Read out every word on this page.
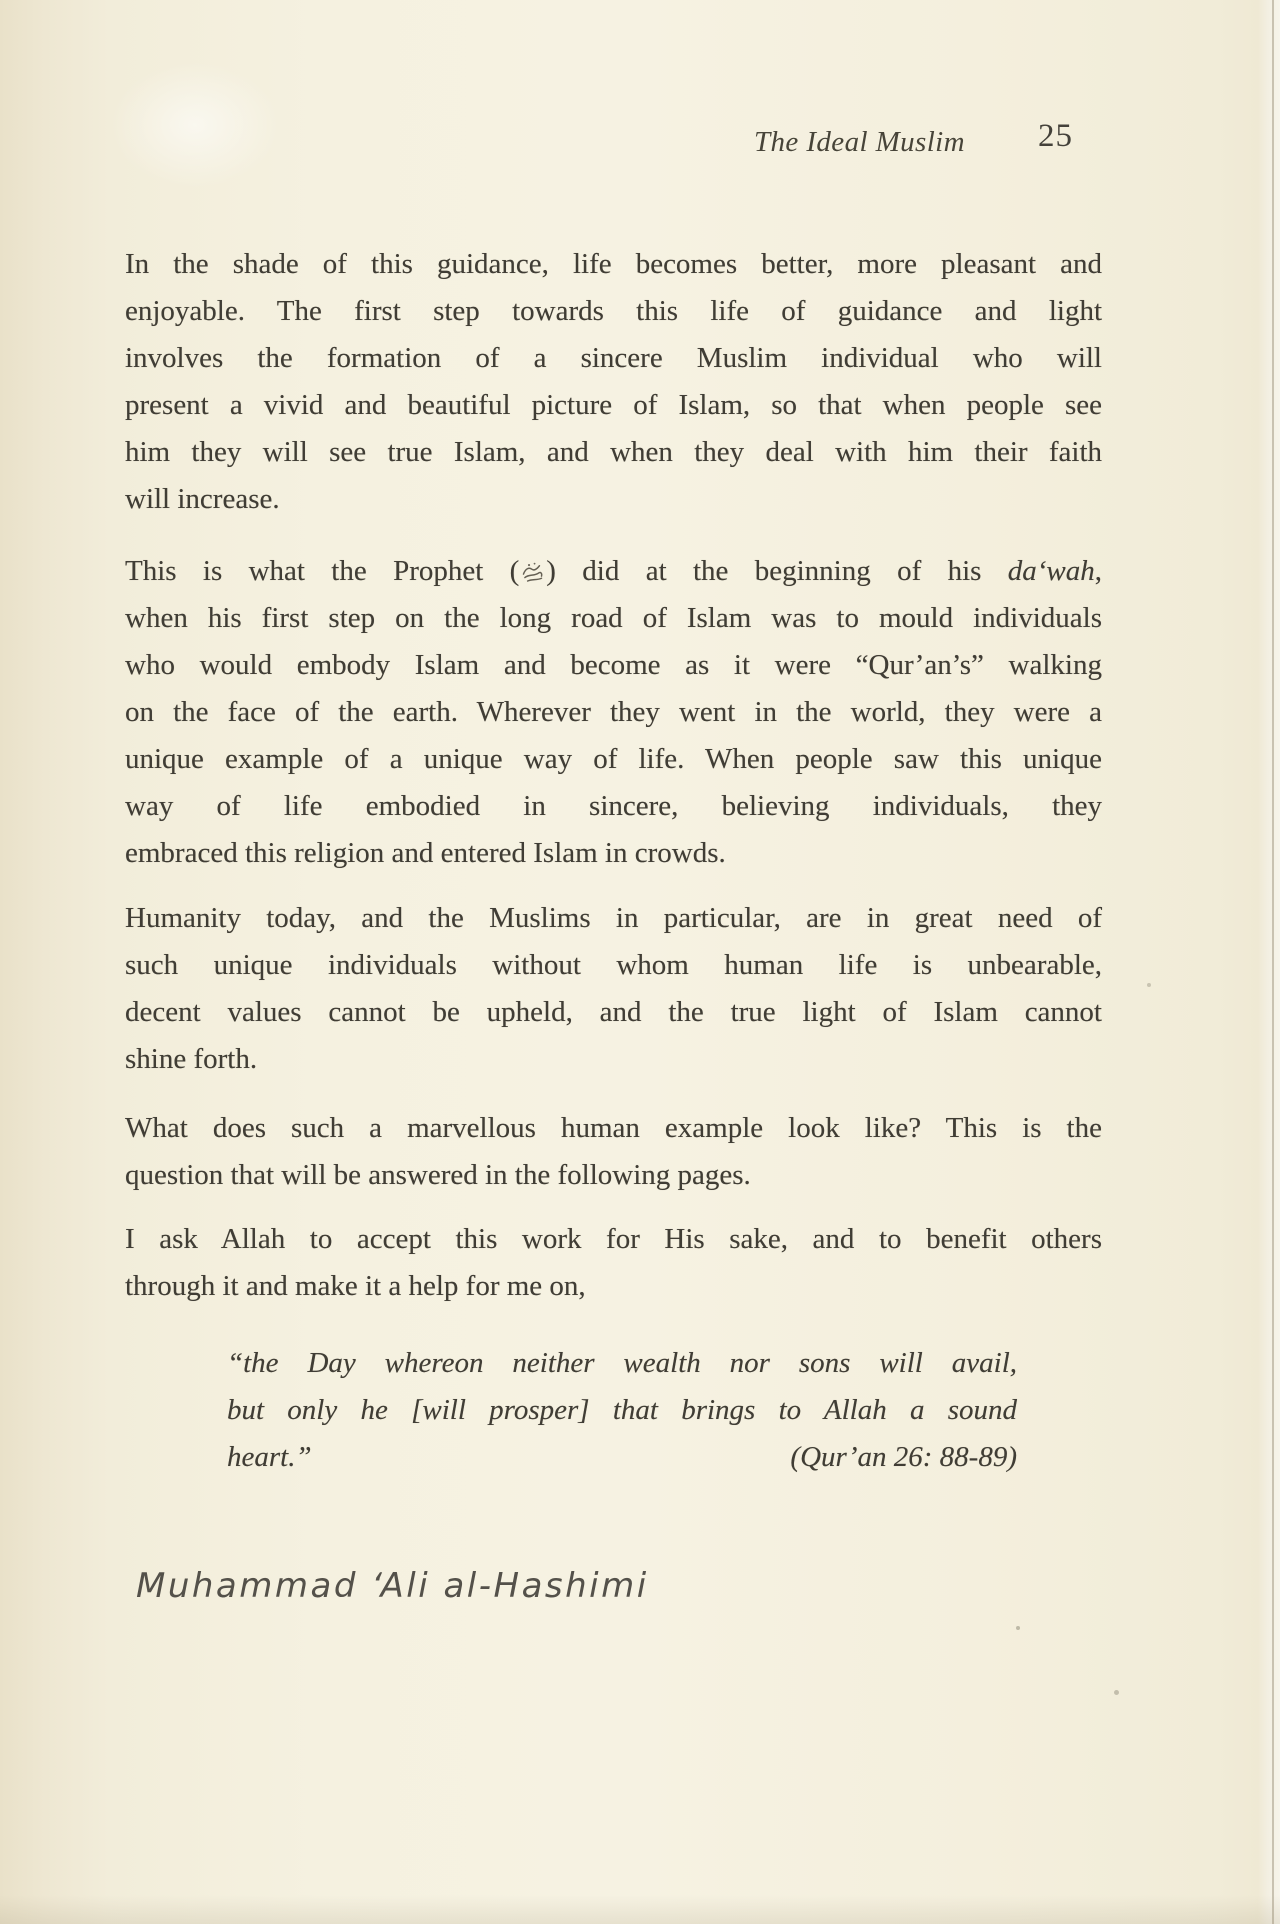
The Ideal Muslim 25
In the shade of this guidance, life becomes better, more pleasant and
enjoyable. The first step towards this life of guidance and light
involves the formation of a sincere Muslim individual who will
present a vivid and beautiful picture of Islam, so that when people see
him they will see true Islam, and when they deal with him their faith
will increase.
This is what the Prophet ( ) did at the beginning of his da‘wah,
when his first step on the long road of Islam was to mould individuals
who would embody Islam and become as it were “Qur’an’s” walking
on the face of the earth. Wherever they went in the world, they were a
unique example of a unique way of life. When people saw this unique
way of life embodied in sincere, believing individuals, they
embraced this religion and entered Islam in crowds.
Humanity today, and the Muslims in particular, are in great need of
such unique individuals without whom human life is unbearable,
decent values cannot be upheld, and the true light of Islam cannot
shine forth.
What does such a marvellous human example look like? This is the
question that will be answered in the following pages.
I ask Allah to accept this work for His sake, and to benefit others
through it and make it a help for me on,
“the Day whereon neither wealth nor sons will avail,
but only he [will prosper] that brings to Allah a sound
heart.”	(Qur’an 26: 88-89)
Muhammad ‘Ali al-Hashimi
